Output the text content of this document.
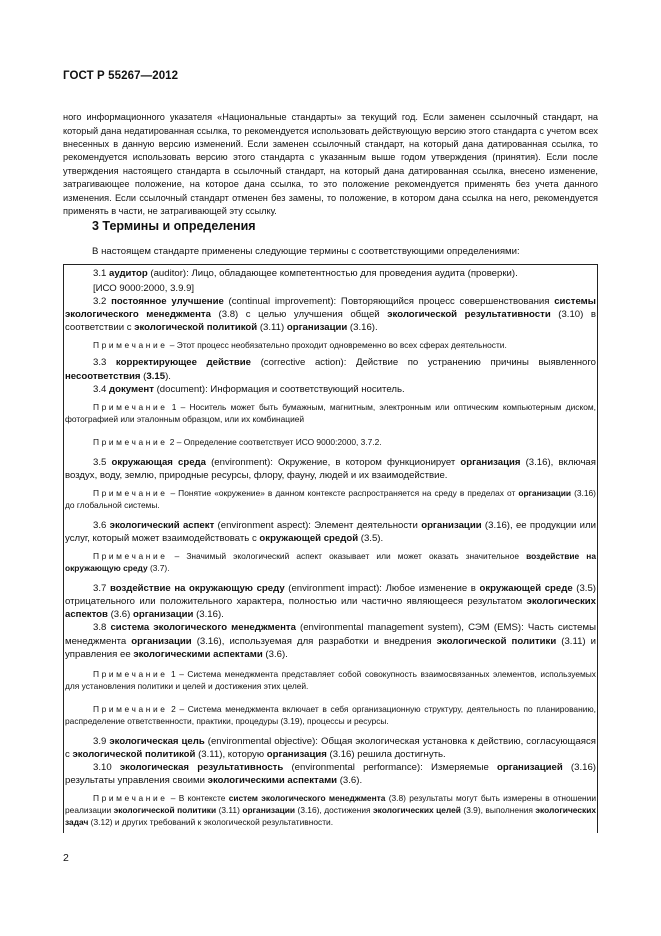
ГОСТ Р 55267—2012

ного информационного указателя «Национальные стандарты» за текущий год. Если заменен ссылочный стандарт, на который дана недатированная ссылка, то рекомендуется использовать действующую версию этого стандарта с учетом всех внесенных в данную версию изменений. Если заменен ссылочный стандарт, на который дана датированная ссылка, то рекомендуется использовать версию этого стандарта с указанным выше годом утверждения (принятия). Если после утверждения настоящего стандарта в ссылочный стандарт, на который дана датированная ссылка, внесено изменение, затрагивающее положение, на которое дана ссылка, то это положение рекомендуется применять без учета данного изменения. Если ссылочный стандарт отменен без замены, то положение, в котором дана ссылка на него, рекомендуется применять в части, не затрагивающей эту ссылку.

3 Термины и определения
В настоящем стандарте применены следующие термины с соответствующими определениями:

3.1 аудитор (auditor): Лицо, обладающее компетентностью для проведения аудита (проверки).

[ИСО 9000:2000, 3.9.9]

3.2 постоянное улучшение (continual improvement): Повторяющийся процесс совершенствования системы экологического менеджмента (3.8) с целью улучшения общей экологической результативности (3.10) в соответствии с экологической политикой (3.11) организации (3.16).

Примечание – Этот процесс необязательно проходит одновременно во всех сферах деятельности.

3.3 корректирующее действие (corrective action): Действие по устранению причины выявленного несоответствия (3.15).

3.4 документ (document): Информация и соответствующий носитель.

Примечание 1 – Носитель может быть бумажным, магнитным, электронным или оптическим компьютерным диском, фотографией или эталонным образцом, или их комбинацией

Примечание 2 – Определение соответствует ИСО 9000:2000, 3.7.2.

3.5 окружающая среда (environment): Окружение, в котором функционирует организация (3.16), включая воздух, воду, землю, природные ресурсы, флору, фауну, людей и их взаимодействие.

Примечание – Понятие «окружение» в данном контексте распространяется на среду в пределах от организации (3.16) до глобальной системы.

3.6 экологический аспект (environment aspect): Элемент деятельности организации (3.16), ее продукции или услуг, который может взаимодействовать с окружающей средой (3.5).

Примечание – Значимый экологический аспект оказывает или может оказать значительное воздействие на окружающую среду (3.7).

3.7 воздействие на окружающую среду (environment impact): Любое изменение в окружающей среде (3.5) отрицательного или положительного характера, полностью или частично являющееся результатом экологических аспектов (3.6) организации (3.16).

3.8 система экологического менеджмента (environmental management system), СЭМ (EMS): Часть системы менеджмента организации (3.16), используемая для разработки и внедрения экологической политики (3.11) и управления ее экологическими аспектами (3.6).

Примечание 1 – Система менеджмента представляет собой совокупность взаимосвязанных элементов, используемых для установления политики и целей и достижения этих целей.

Примечание 2 – Система менеджмента включает в себя организационную структуру, деятельность по планированию, распределение ответственности, практики, процедуры (3.19), процессы и ресурсы.

3.9 экологическая цель (environmental objective): Общая экологическая установка к действию, согласующаяся с экологической политикой (3.11), которую организация (3.16) решила достигнуть.

3.10 экологическая результативность (environmental performance): Измеряемые организацией (3.16) результаты управления своими экологическими аспектами (3.6).

Примечание – В контексте систем экологического менеджмента (3.8) результаты могут быть измерены в отношении реализации экологической политики (3.11) организации (3.16), достижения экологических целей (3.9), выполнения экологических задач (3.12) и других требований к экологической результативности.

2
